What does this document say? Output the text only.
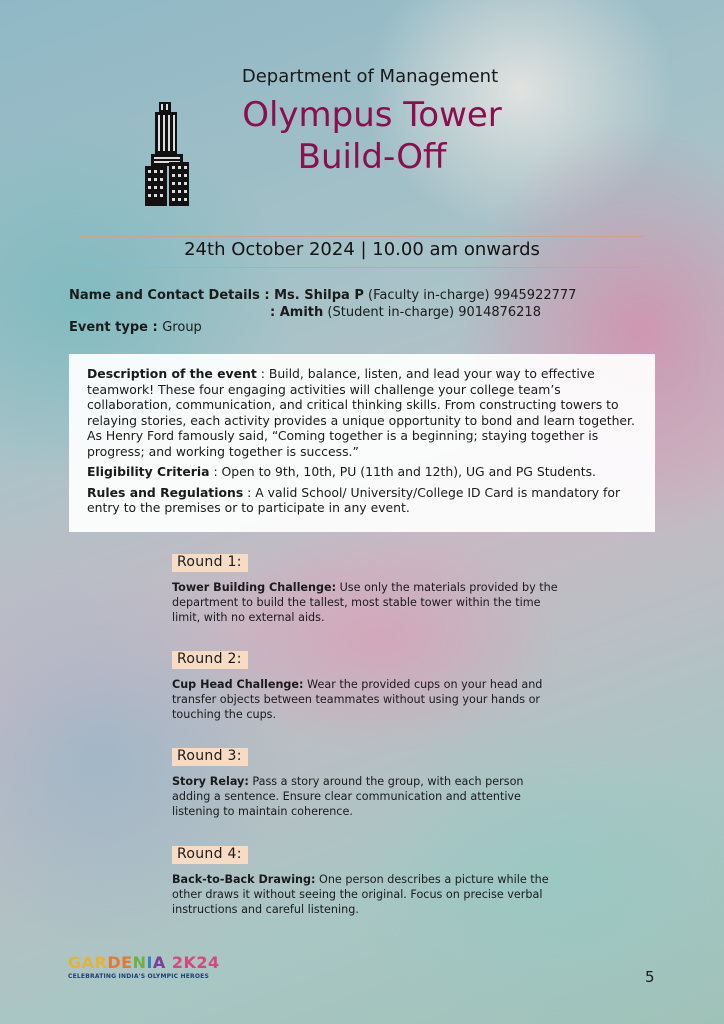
Department of Management
Olympus Tower
Build-Off
24th October 2024 | 10.00 am onwards
Name and Contact Details : Ms. Shilpa P (Faculty in-charge) 9945922777
: Amith (Student in-charge) 9014876218
Event type : Group

Description of the event : Build, balance, listen, and lead your way to effective teamwork! These four engaging activities will challenge your college team’s collaboration, communication, and critical thinking skills. From constructing towers to relaying stories, each activity provides a unique opportunity to bond and learn together. As Henry Ford famously said, “Coming together is a beginning; staying together is progress; and working together is success.”

Eligibility Criteria : Open to 9th, 10th, PU (11th and 12th), UG and PG Students.

Rules and Regulations : A valid School/ University/College ID Card is mandatory for entry to the premises or to participate in any event.

Round 1:

Tower Building Challenge: Use only the materials provided by the department to build the tallest, most stable tower within the time limit, with no external aids.

Round 2:

Cup Head Challenge: Wear the provided cups on your head and transfer objects between teammates without using your hands or touching the cups.

Round 3:

Story Relay: Pass a story around the group, with each person adding a sentence. Ensure clear communication and attentive listening to maintain coherence.

Round 4:

Back-to-Back Drawing: One person describes a picture while the other draws it without seeing the original. Focus on precise verbal instructions and careful listening.

GARDENIA 2K24
CELEBRATING INDIA'S OLYMPIC HEROES	5
